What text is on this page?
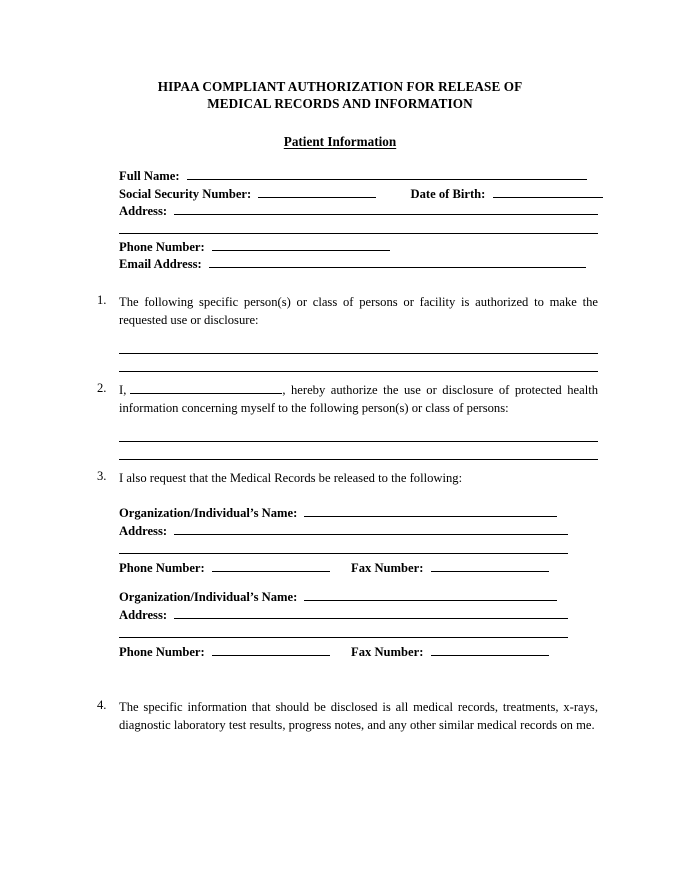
HIPAA COMPLIANT AUTHORIZATION FOR RELEASE OF
MEDICAL RECORDS AND INFORMATION
Patient Information
Full Name:
Social Security Number:	Date of Birth:
Address:
Phone Number:
Email Address:
1. The following specific person(s) or class of persons or facility is authorized to make the requested use or disclosure:
2. I,	, hereby authorize the use or disclosure of protected health information concerning myself to the following person(s) or class of persons:
3. I also request that the Medical Records be released to the following:
Organization/Individual’s Name:
Address:
Phone Number:	Fax Number:
Organization/Individual’s Name:
Address:
Phone Number:	Fax Number:
4. The specific information that should be disclosed is all medical records, treatments, x-rays, diagnostic laboratory test results, progress notes, and any other similar medical records on me.
